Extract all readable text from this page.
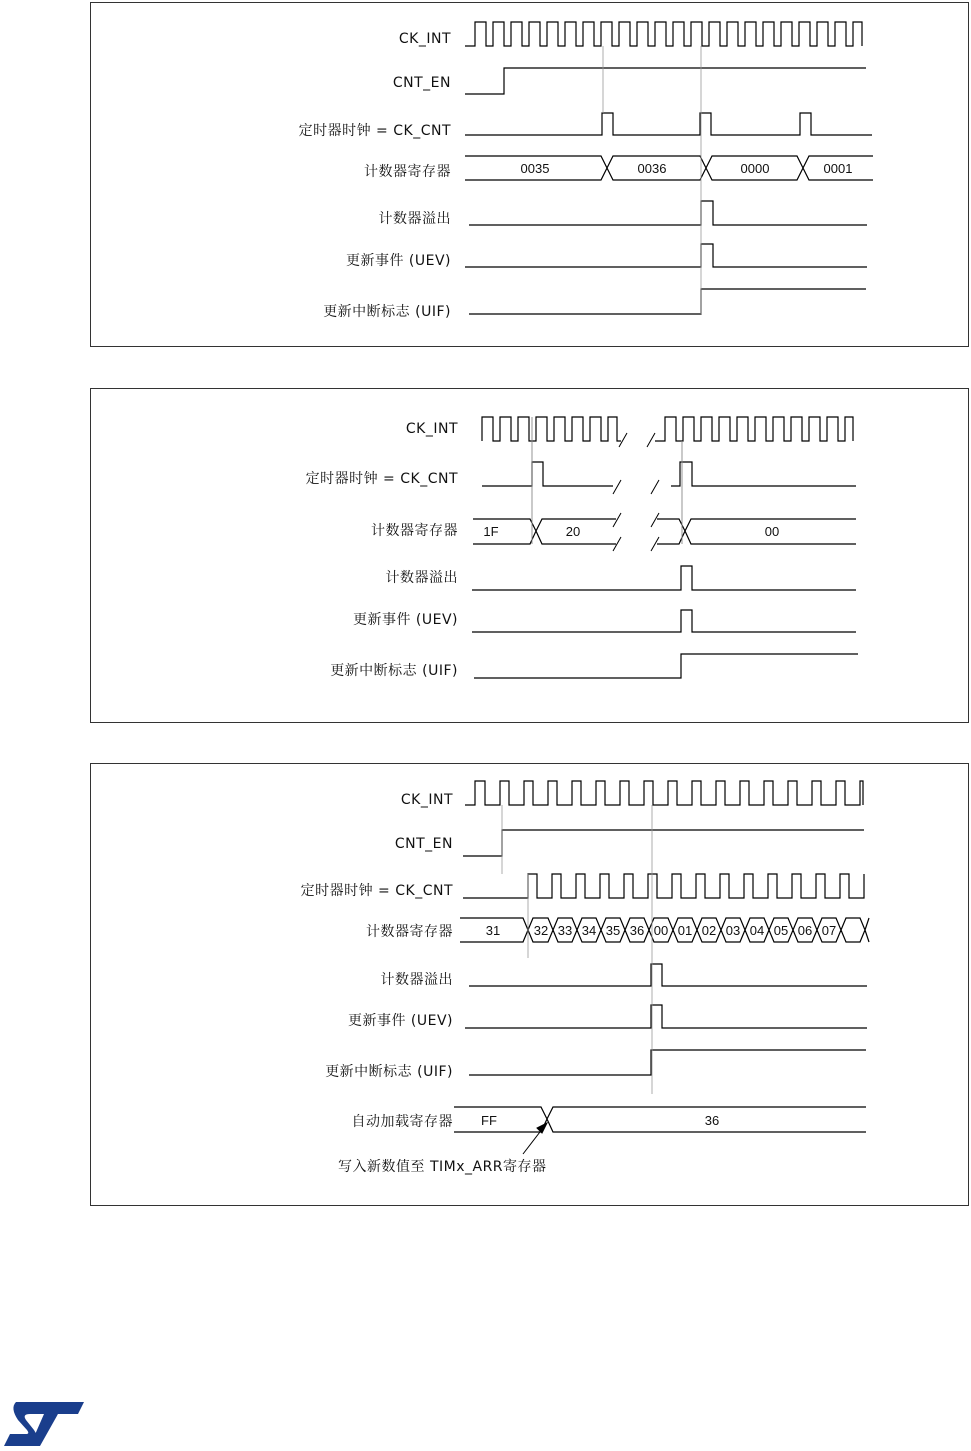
CK_INT
CNT_EN
定时器时钟 = CK_CNT
计数器寄存器
计数器溢出
更新事件 (UEV)
更新中断标志 (UIF)
0035	0036	0000	0001
CK_INT
定时器时钟 = CK_CNT
计数器寄存器
计数器溢出
更新事件 (UEV)
更新中断标志 (UIF)
1F	20	00
CK_INT
CNT_EN
定时器时钟 = CK_CNT
计数器寄存器
计数器溢出
更新事件 (UEV)
更新中断标志 (UIF)
自动加载寄存器
31	32 33 34 35 36 00 01 02 03 04 05 06 07
FF	36
写入新数值至 TIMx_ARR寄存器
